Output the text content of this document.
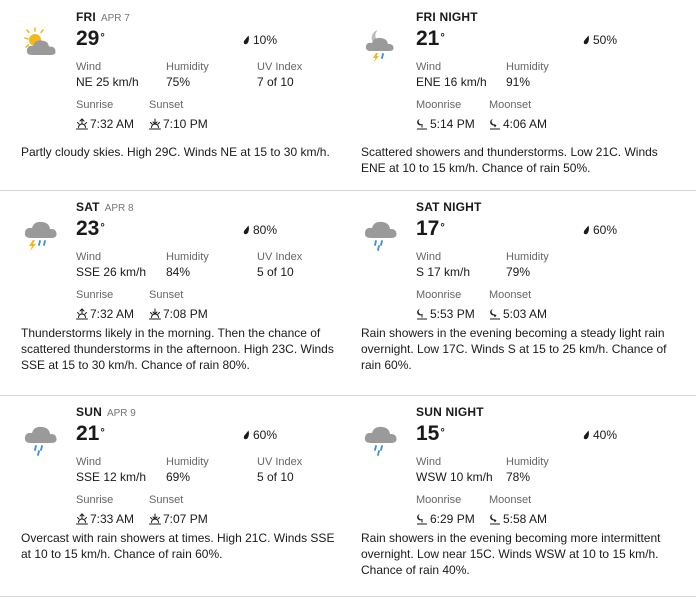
FRI APR 7
29°	10%
Wind
NE 25 km/h
Humidity
75%
UV Index
7 of 10
Sunrise
7:32 AM
Sunset
7:10 PM
Partly cloudy skies. High 29C. Winds NE at 15 to 30 km/h.
FRI NIGHT
21°	50%
Wind
ENE 16 km/h
Humidity
91%
Moonrise
5:14 PM
Moonset
4:06 AM
Scattered showers and thunderstorms. Low 21C. Winds ENE at 10 to 15 km/h. Chance of rain 50%.
SAT APR 8
23°	80%
Wind
SSE 26 km/h
Humidity
84%
UV Index
5 of 10
Sunrise
7:32 AM
Sunset
7:08 PM
Thunderstorms likely in the morning. Then the chance of scattered thunderstorms in the afternoon. High 23C. Winds SSE at 15 to 30 km/h. Chance of rain 80%.
SAT NIGHT
17°	60%
Wind
S 17 km/h
Humidity
79%
Moonrise
5:53 PM
Moonset
5:03 AM
Rain showers in the evening becoming a steady light rain overnight. Low 17C. Winds S at 15 to 25 km/h. Chance of rain 60%.
SUN APR 9
21°	60%
Wind
SSE 12 km/h
Humidity
69%
UV Index
5 of 10
Sunrise
7:33 AM
Sunset
7:07 PM
Overcast with rain showers at times. High 21C. Winds SSE at 10 to 15 km/h. Chance of rain 60%.
SUN NIGHT
15°	40%
Wind
WSW 10 km/h
Humidity
78%
Moonrise
6:29 PM
Moonset
5:58 AM
Rain showers in the evening becoming more intermittent overnight. Low near 15C. Winds WSW at 10 to 15 km/h. Chance of rain 40%.
